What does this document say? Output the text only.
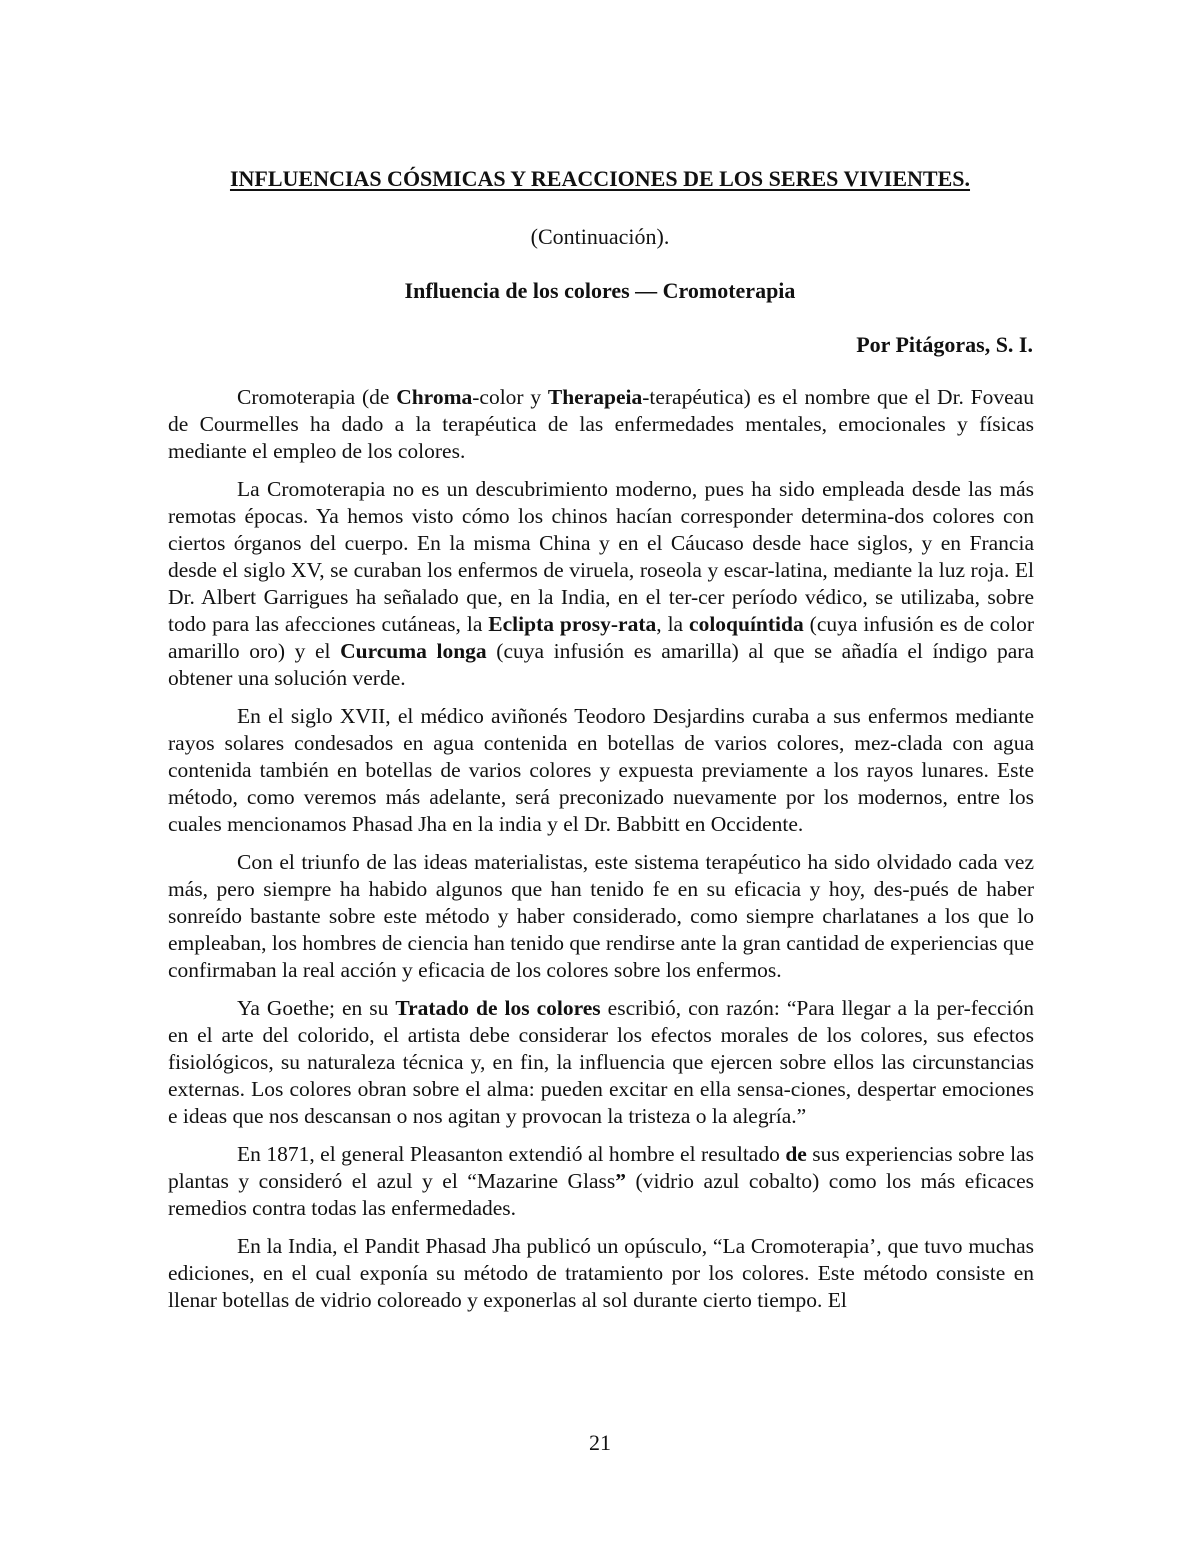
INFLUENCIAS CÓSMICAS Y REACCIONES DE LOS SERES VIVIENTES.
(Continuación).
Influencia de los colores — Cromoterapia
Por Pitágoras, S. I.

Cromoterapia (de Chroma-color y Therapeia-terapéutica) es el nombre que el Dr. Foveau de Courmelles ha dado a la terapéutica de las enfermedades mentales, emocionales y físicas mediante el empleo de los colores.

La Cromoterapia no es un descubrimiento moderno, pues ha sido empleada desde las más remotas épocas. Ya hemos visto cómo los chinos hacían corresponder determina-dos colores con ciertos órganos del cuerpo. En la misma China y en el Cáucaso desde hace siglos, y en Francia desde el siglo XV, se curaban los enfermos de viruela, roseola y escar-latina, mediante la luz roja. El Dr. Albert Garrigues ha señalado que, en la India, en el ter-cer período védico, se utilizaba, sobre todo para las afecciones cutáneas, la Eclipta prosy-rata, la coloquíntida (cuya infusión es de color amarillo oro) y el Curcuma longa (cuya infusión es amarilla) al que se añadía el índigo para obtener una solución verde.

En el siglo XVII, el médico aviñonés Teodoro Desjardins curaba a sus enfermos mediante rayos solares condesados en agua contenida en botellas de varios colores, mez-clada con agua contenida también en botellas de varios colores y expuesta previamente a los rayos lunares. Este método, como veremos más adelante, será preconizado nuevamente por los modernos, entre los cuales mencionamos Phasad Jha en la india y el Dr. Babbitt en Occidente.

Con el triunfo de las ideas materialistas, este sistema terapéutico ha sido olvidado cada vez más, pero siempre ha habido algunos que han tenido fe en su eficacia y hoy, des-pués de haber sonreído bastante sobre este método y haber considerado, como siempre charlatanes a los que lo empleaban, los hombres de ciencia han tenido que rendirse ante la gran cantidad de experiencias que confirmaban la real acción y eficacia de los colores sobre los enfermos.

Ya Goethe; en su Tratado de los colores escribió, con razón: “Para llegar a la per-fección en el arte del colorido, el artista debe considerar los efectos morales de los colores, sus efectos fisiológicos, su naturaleza técnica y, en fin, la influencia que ejercen sobre ellos las circunstancias externas. Los colores obran sobre el alma: pueden excitar en ella sensa-ciones, despertar emociones e ideas que nos descansan o nos agitan y provocan la tristeza o la alegría.”

En 1871, el general Pleasanton extendió al hombre el resultado de sus experiencias sobre las plantas y consideró el azul y el “Mazarine Glass” (vidrio azul cobalto) como los más eficaces remedios contra todas las enfermedades.

En la India, el Pandit Phasad Jha publicó un opúsculo, “La Cromoterapia’, que tuvo muchas ediciones, en el cual exponía su método de tratamiento por los colores. Este método consiste en llenar botellas de vidrio coloreado y exponerlas al sol durante cierto tiempo. El

21
